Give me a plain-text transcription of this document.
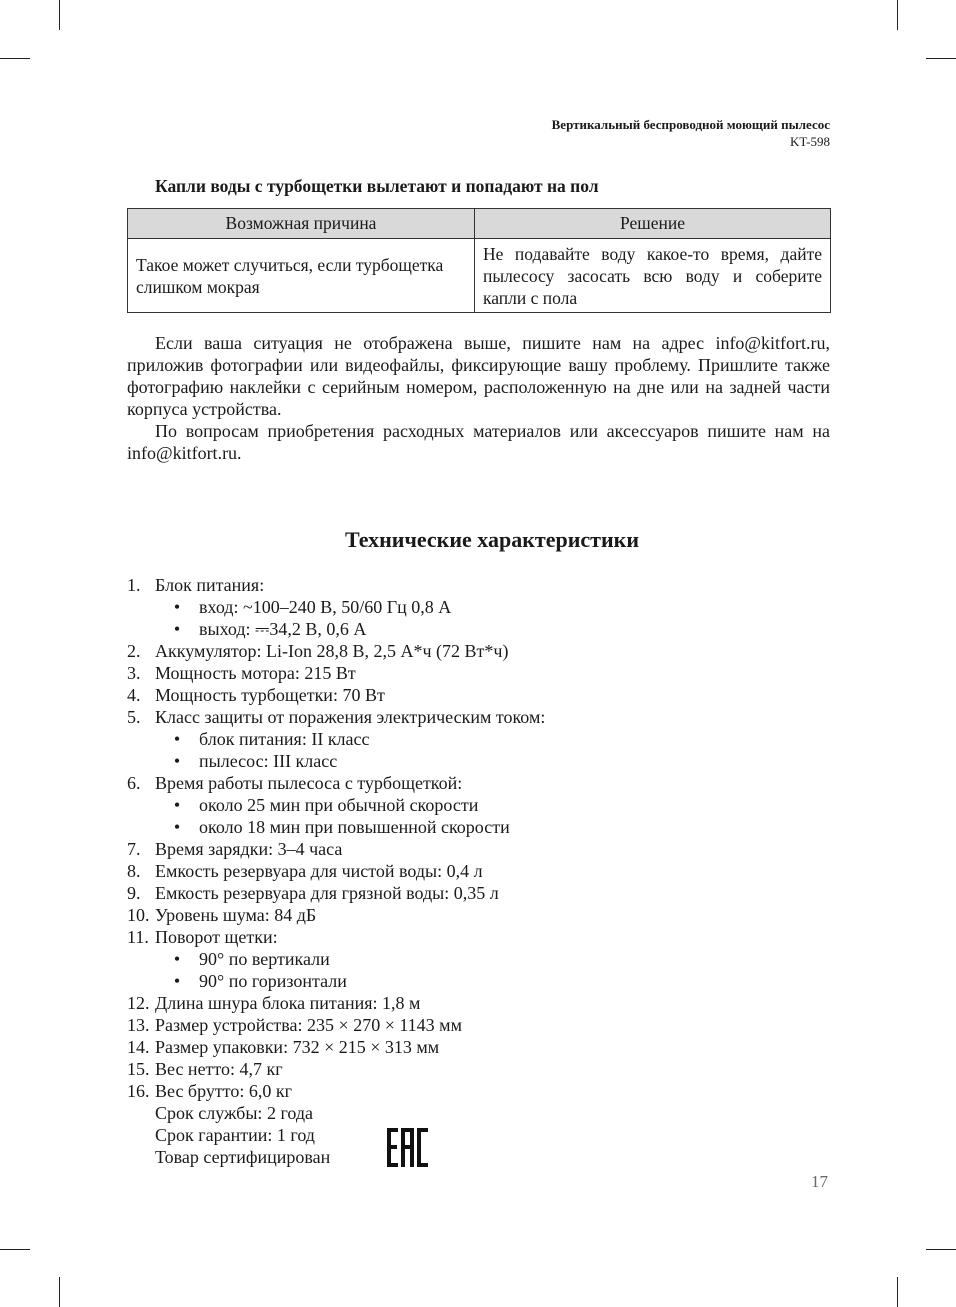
Вертикальный беспроводной моющий пылесос
KT-598
Капли воды с турбощетки вылетают и попадают на пол
Возможная причина	Решение
Такое может случиться, если турбощетка слишком мокрая	Не подавайте воду какое-то время, дайте пылесосу засосать всю воду и соберите капли с пола

Если ваша ситуация не отображена выше, пишите нам на адрес info@kitfort.ru, приложив фотографии или видеофайлы, фиксирующие вашу проблему. Пришлите также фотографию наклейки с серийным номером, расположенную на дне или на задней части корпуса устройства.

По вопросам приобретения расходных материалов или аксессуаров пишите нам на info@kitfort.ru.

Технические характеристики
1. Блок питания:
•	вход: ~100–240 В, 50/60 Гц 0,8 А
•	выход: ⎓34,2 В, 0,6 А
2. Аккумулятор: Li-Ion 28,8 В, 2,5 А*ч (72 Вт*ч)
3. Мощность мотора: 215 Вт
4. Мощность турбощетки: 70 Вт
5. Класс защиты от поражения электрическим током:
•	блок питания: II класс
•	пылесос: III класс
6. Время работы пылесоса с турбощеткой:
•	около 25 мин при обычной скорости
•	около 18 мин при повышенной скорости
7. Время зарядки: 3–4 часа
8. Емкость резервуара для чистой воды: 0,4 л
9. Емкость резервуара для грязной воды: 0,35 л
10. Уровень шума: 84 дБ
11. Поворот щетки:
•	90° по вертикали
•	90° по горизонтали
12. Длина шнура блока питания: 1,8 м
13. Размер устройства: 235 × 270 × 1143 мм
14. Размер упаковки: 732 × 215 × 313 мм
15. Вес нетто: 4,7 кг
16. Вес брутто: 6,0 кг
Срок службы: 2 года
Срок гарантии: 1 год
Товар сертифицирован
17
